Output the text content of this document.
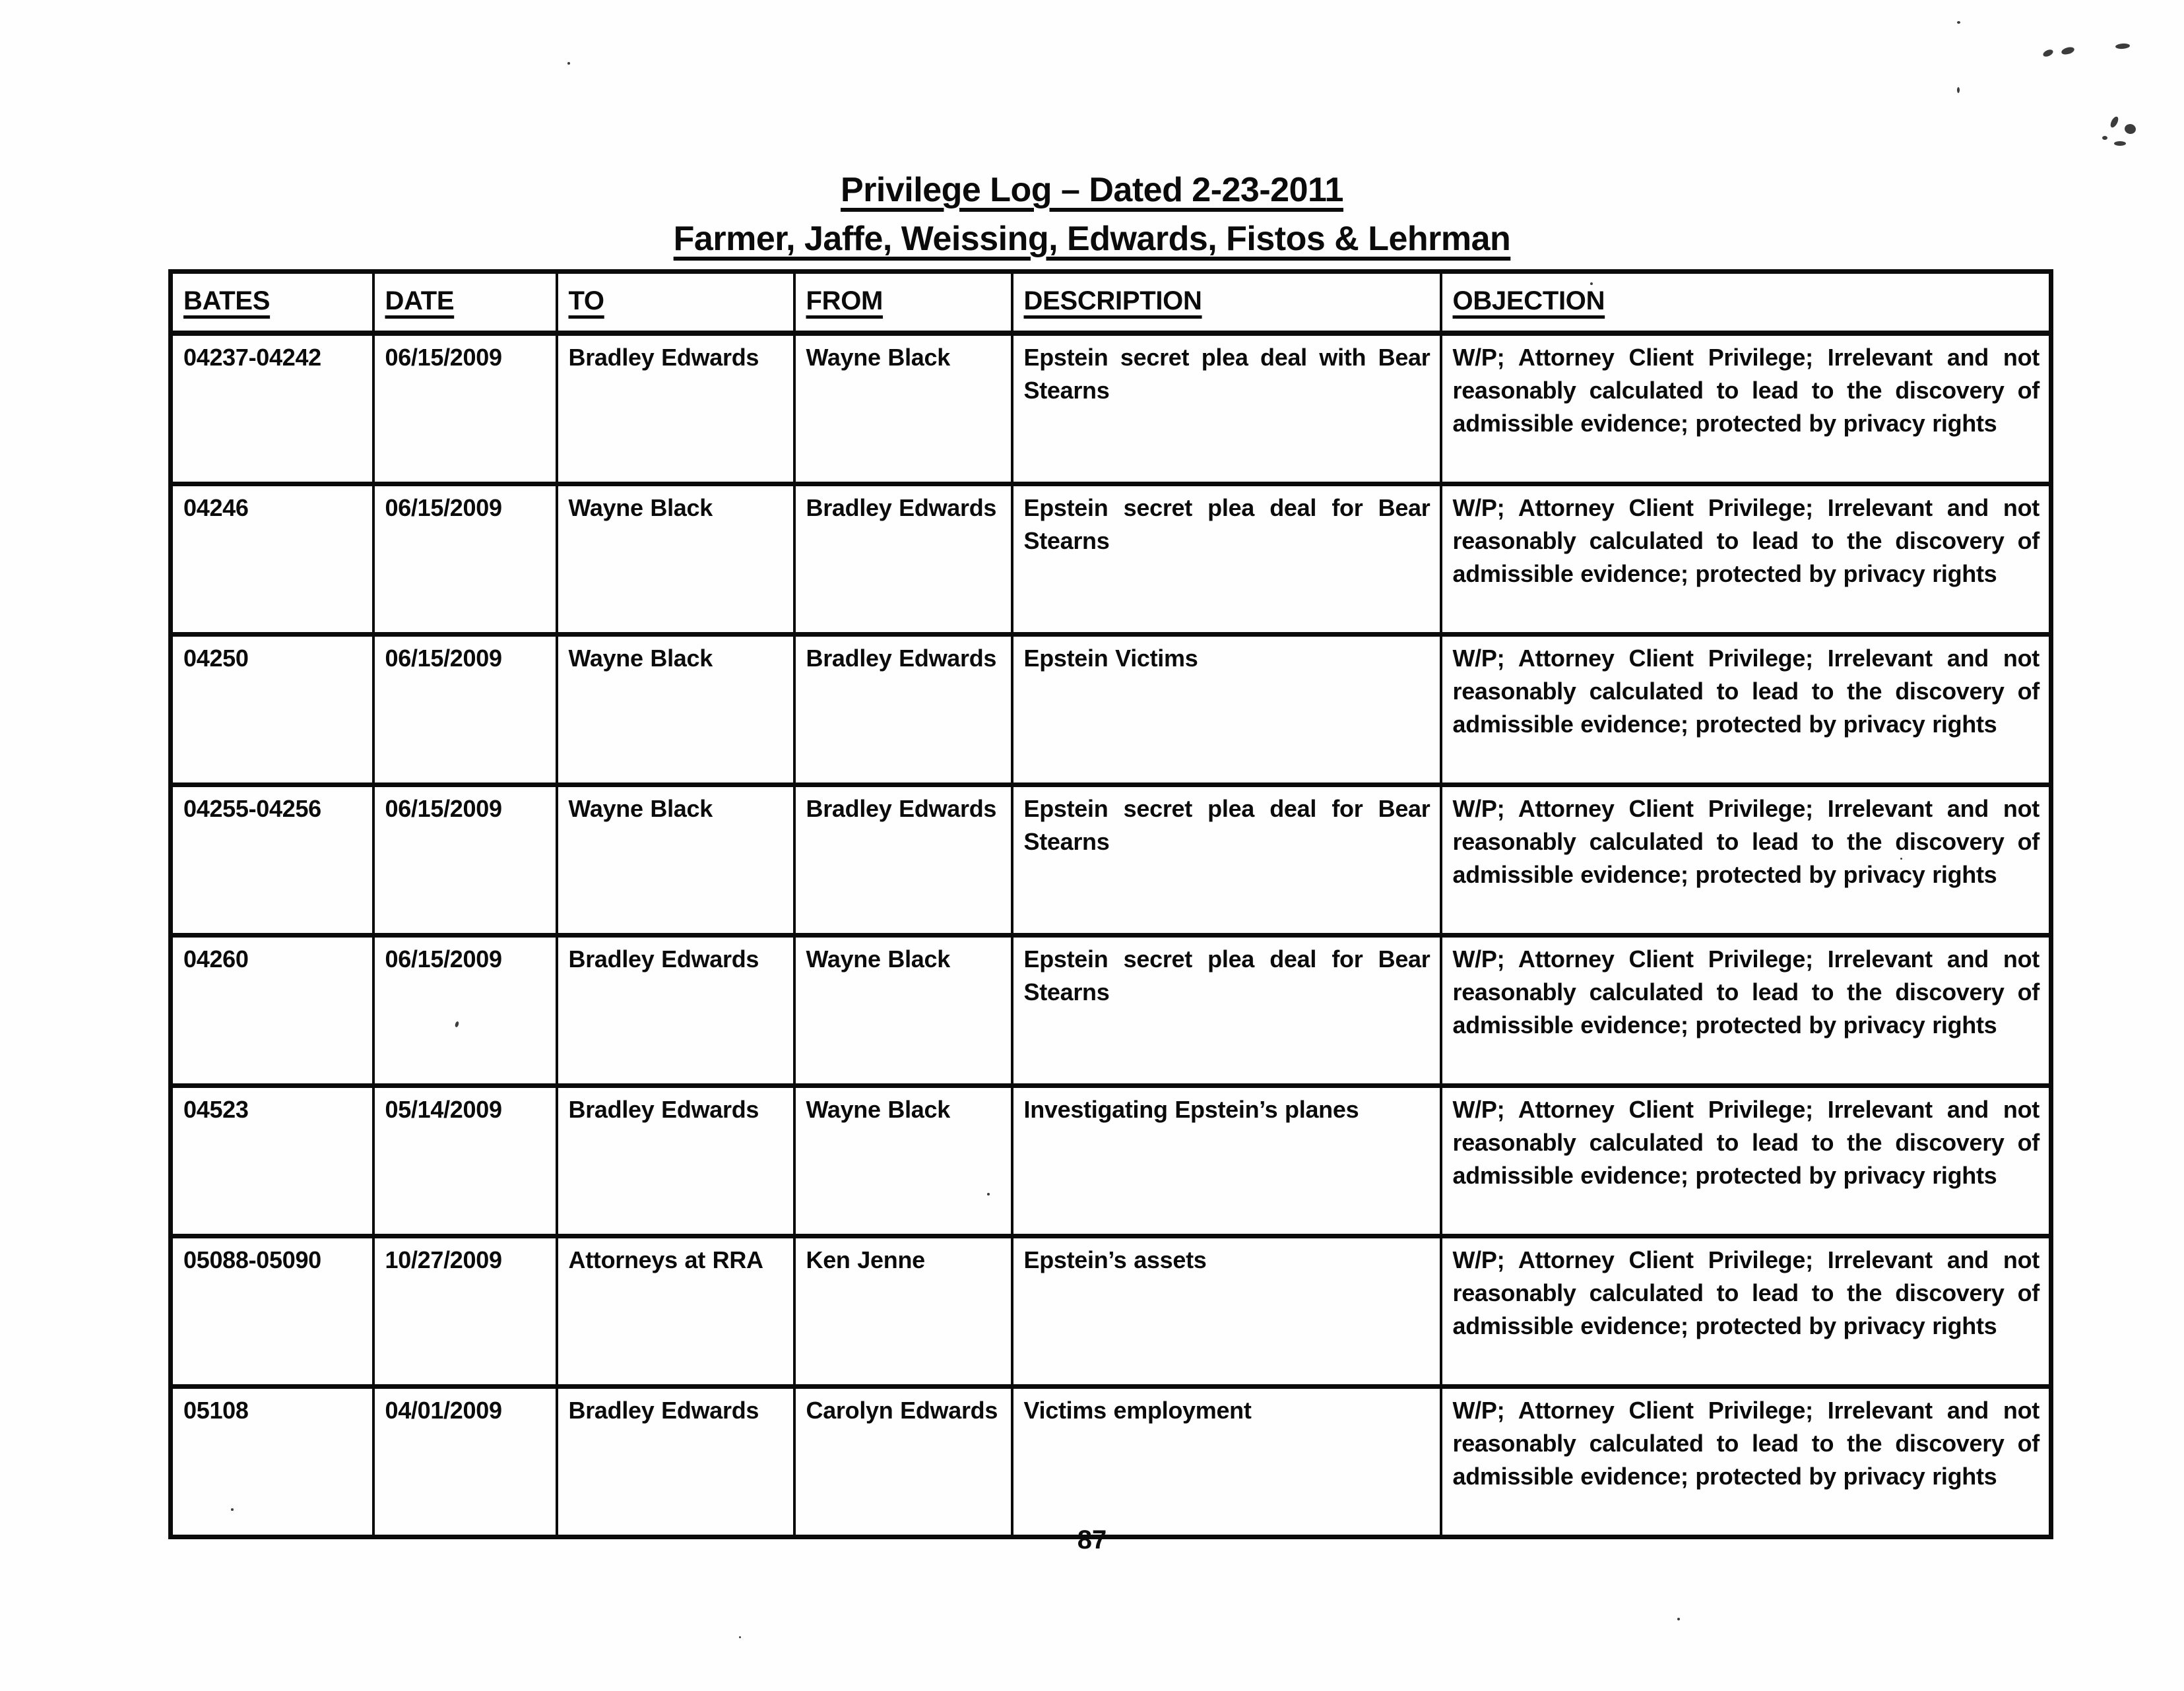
Privilege Log – Dated 2-23-2011
Farmer, Jaffe, Weissing, Edwards, Fistos & Lehrman
BATES	DATE	TO	FROM	DESCRIPTION	OBJECTION
04237-04242	06/15/2009	Bradley Edwards	Wayne Black	Epstein secret plea deal with Bear Stearns	W/P; Attorney Client Privilege; Irrelevant and not reasonably calculated to lead to the discovery of admissible evidence; protected by privacy rights
04246	06/15/2009	Wayne Black	Bradley Edwards	Epstein secret plea deal for Bear Stearns	W/P; Attorney Client Privilege; Irrelevant and not reasonably calculated to lead to the discovery of admissible evidence; protected by privacy rights
04250	06/15/2009	Wayne Black	Bradley Edwards	Epstein Victims	W/P; Attorney Client Privilege; Irrelevant and not reasonably calculated to lead to the discovery of admissible evidence; protected by privacy rights
04255-04256	06/15/2009	Wayne Black	Bradley Edwards	Epstein secret plea deal for Bear Stearns	W/P; Attorney Client Privilege; Irrelevant and not reasonably calculated to lead to the discovery of admissible evidence; protected by privacy rights
04260	06/15/2009	Bradley Edwards	Wayne Black	Epstein secret plea deal for Bear Stearns	W/P; Attorney Client Privilege; Irrelevant and not reasonably calculated to lead to the discovery of admissible evidence; protected by privacy rights
04523	05/14/2009	Bradley Edwards	Wayne Black	Investigating Epstein’s planes	W/P; Attorney Client Privilege; Irrelevant and not reasonably calculated to lead to the discovery of admissible evidence; protected by privacy rights
05088-05090	10/27/2009	Attorneys at RRA	Ken Jenne	Epstein’s assets	W/P; Attorney Client Privilege; Irrelevant and not reasonably calculated to lead to the discovery of admissible evidence; protected by privacy rights
05108	04/01/2009	Bradley Edwards	Carolyn Edwards	Victims employment	W/P; Attorney Client Privilege; Irrelevant and not reasonably calculated to lead to the discovery of admissible evidence; protected by privacy rights
87
